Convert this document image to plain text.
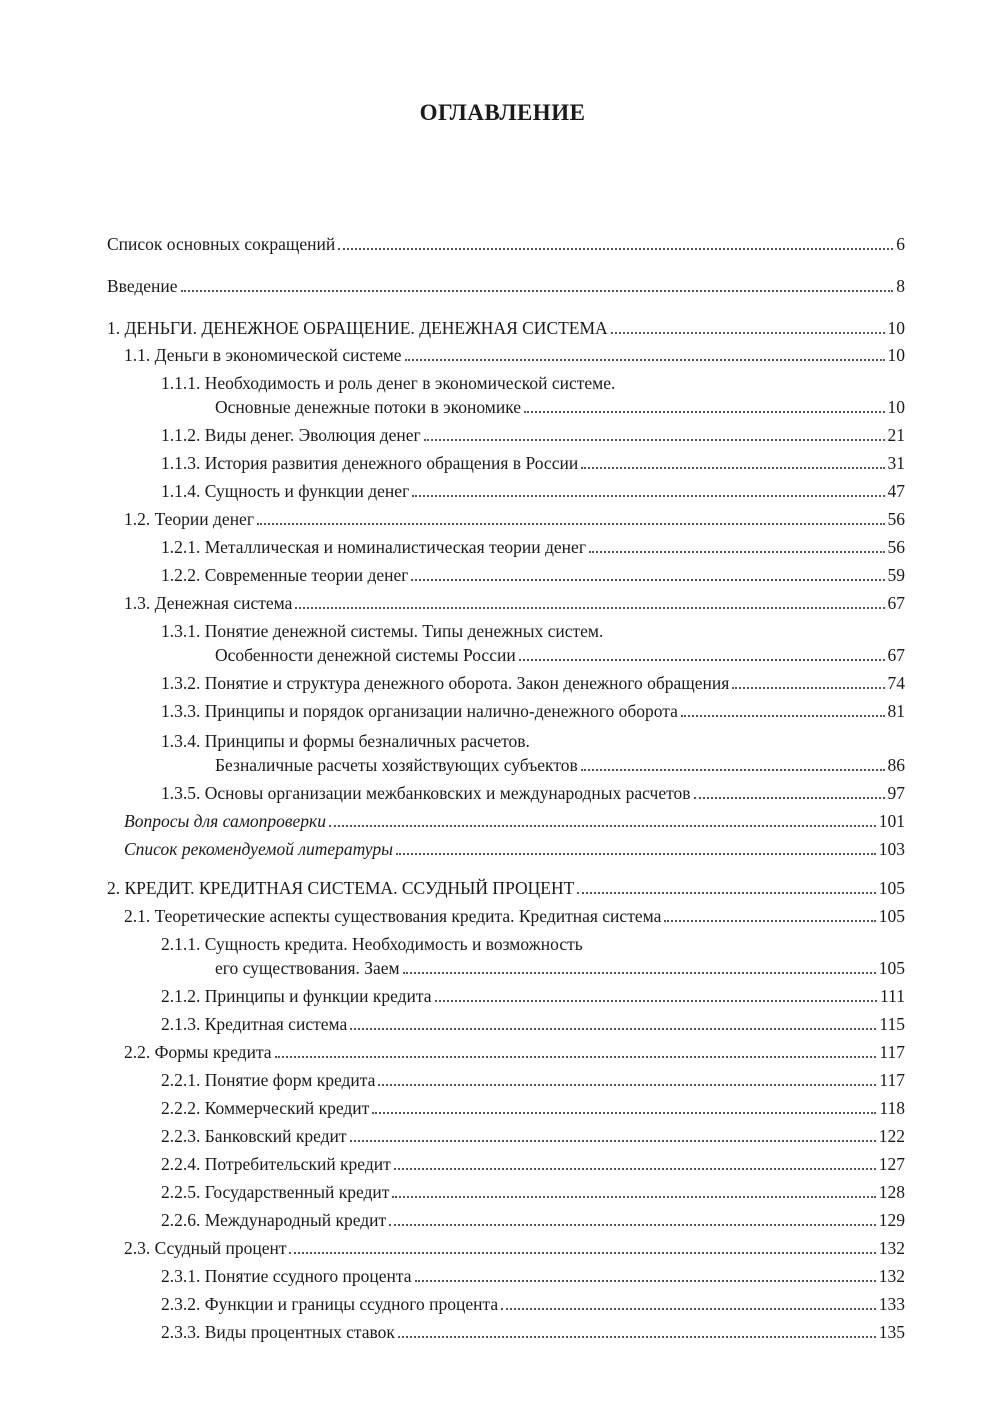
ОГЛАВЛЕНИЕ
Список основных сокращений	6
Введение	8
1. ДЕНЬГИ. ДЕНЕЖНОЕ ОБРАЩЕНИЕ. ДЕНЕЖНАЯ СИСТЕМА	10
1.1. Деньги в экономической системе	10
1.1.1. Необходимость и роль денег в экономической системе.
Основные денежные потоки в экономике	10
1.1.2. Виды денег. Эволюция денег	21
1.1.3. История развития денежного обращения в России	31
1.1.4. Сущность и функции денег	47
1.2. Теории денег	56
1.2.1. Металлическая и номиналистическая теории денег	56
1.2.2. Современные теории денег	59
1.3. Денежная система	67
1.3.1. Понятие денежной системы. Типы денежных систем.
Особенности денежной системы России	67
1.3.2. Понятие и структура денежного оборота. Закон денежного обращения	74
1.3.3. Принципы и порядок организации налично-денежного оборота	81
1.3.4. Принципы и формы безналичных расчетов.
Безналичные расчеты хозяйствующих субъектов	86
1.3.5. Основы организации межбанковских и международных расчетов	97
Вопросы для самопроверки	101
Список рекомендуемой литературы	103
2. КРЕДИТ. КРЕДИТНАЯ СИСТЕМА. ССУДНЫЙ ПРОЦЕНТ	105
2.1. Теоретические аспекты существования кредита. Кредитная система	105
2.1.1. Сущность кредита. Необходимость и возможность
его существования. Заем	105
2.1.2. Принципы и функции кредита	111
2.1.3. Кредитная система	115
2.2. Формы кредита	117
2.2.1. Понятие форм кредита	117
2.2.2. Коммерческий кредит	118
2.2.3. Банковский кредит	122
2.2.4. Потребительский кредит	127
2.2.5. Государственный кредит	128
2.2.6. Международный кредит	129
2.3. Ссудный процент	132
2.3.1. Понятие ссудного процента	132
2.3.2. Функции и границы ссудного процента	133
2.3.3. Виды процентных ставок	135
